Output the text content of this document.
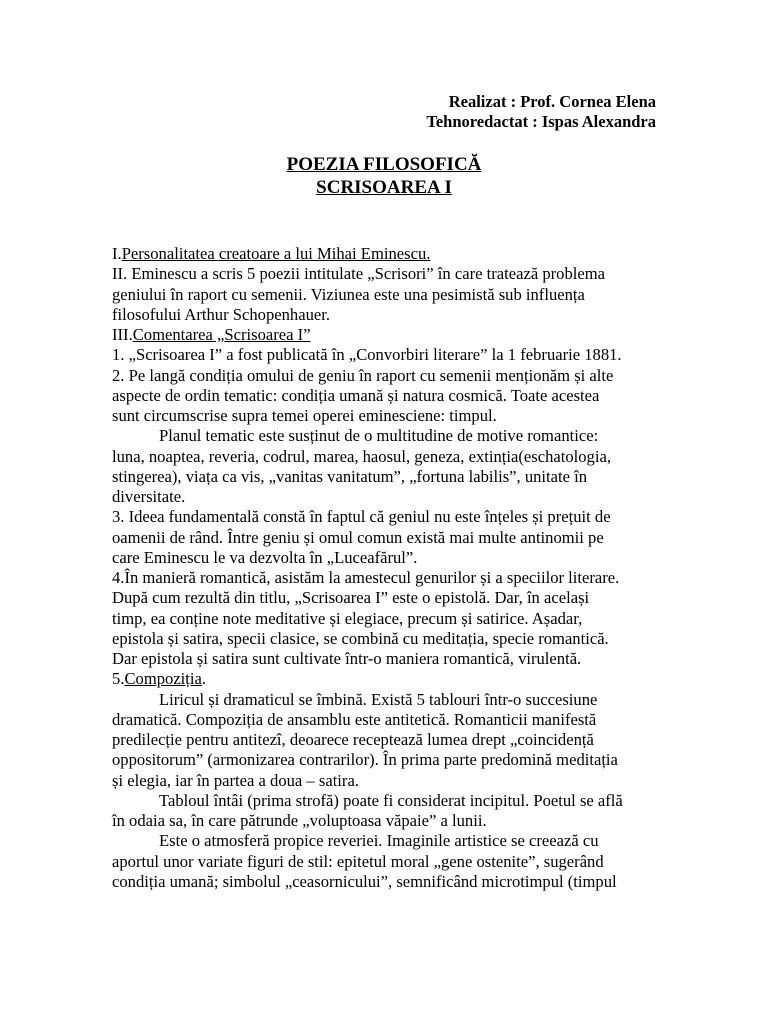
Realizat : Prof. Cornea Elena
Tehnoredactat : Ispas Alexandra
POEZIA FILOSOFICĂ
SCRISOAREA I

I.Personalitatea creatoare a lui Mihai Eminescu.

II. Eminescu a scris 5 poezii intitulate „Scrisori” în care tratează problema

geniului în raport cu semenii. Viziunea este una pesimistă sub influența

filosofului Arthur Schopenhauer.

III.Comentarea „Scrisoarea I”

1. „Scrisoarea I” a fost publicată în „Convorbiri literare” la 1 februarie 1881.

2. Pe langă condiția omului de geniu în raport cu semenii menționăm și alte

aspecte de ordin tematic: condiția umană și natura cosmică. Toate acestea

sunt circumscrise supra temei operei eminesciene: timpul.

Planul tematic este susținut de o multitudine de motive romantice:

luna, noaptea, reveria, codrul, marea, haosul, geneza, extinția(eschatologia,

stingerea), viața ca vis, „vanitas vanitatum”, „fortuna labilis”, unitate în

diversitate.

3. Ideea fundamentală constă în faptul că geniul nu este înțeles și prețuit de

oamenii de rând. Între geniu și omul comun există mai multe antinomii pe

care Eminescu le va dezvolta în „Luceafărul”.

4.În manieră romantică, asistăm la amestecul genurilor și a speciilor literare.

După cum rezultă din titlu, „Scrisoarea I” este o epistolă. Dar, în același

timp, ea conține note meditative și elegiace, precum și satirice. Așadar,

epistola și satira, specii clasice, se combină cu meditația, specie romantică.

Dar epistola și satira sunt cultivate într-o maniera romantică, virulentă.

5.Compoziția.

Liricul și dramaticul se îmbină. Există 5 tablouri într-o succesiune

dramatică. Compoziția de ansamblu este antitetică. Romanticii manifestă

predilecție pentru antitezî, deoarece receptează lumea drept „coincidență

oppositorum” (armonizarea contrarilor). În prima parte predomină meditația

și elegia, iar în partea a doua – satira.

Tabloul întâi (prima strofă) poate fi considerat incipitul. Poetul se află

în odaia sa, în care pătrunde „voluptoasa văpaie” a lunii.

Este o atmosferă propice reveriei. Imaginile artistice se creează cu

aportul unor variate figuri de stil: epitetul moral „gene ostenite”, sugerând

condiția umană; simbolul „ceasornicului”, semnificând microtimpul (timpul
